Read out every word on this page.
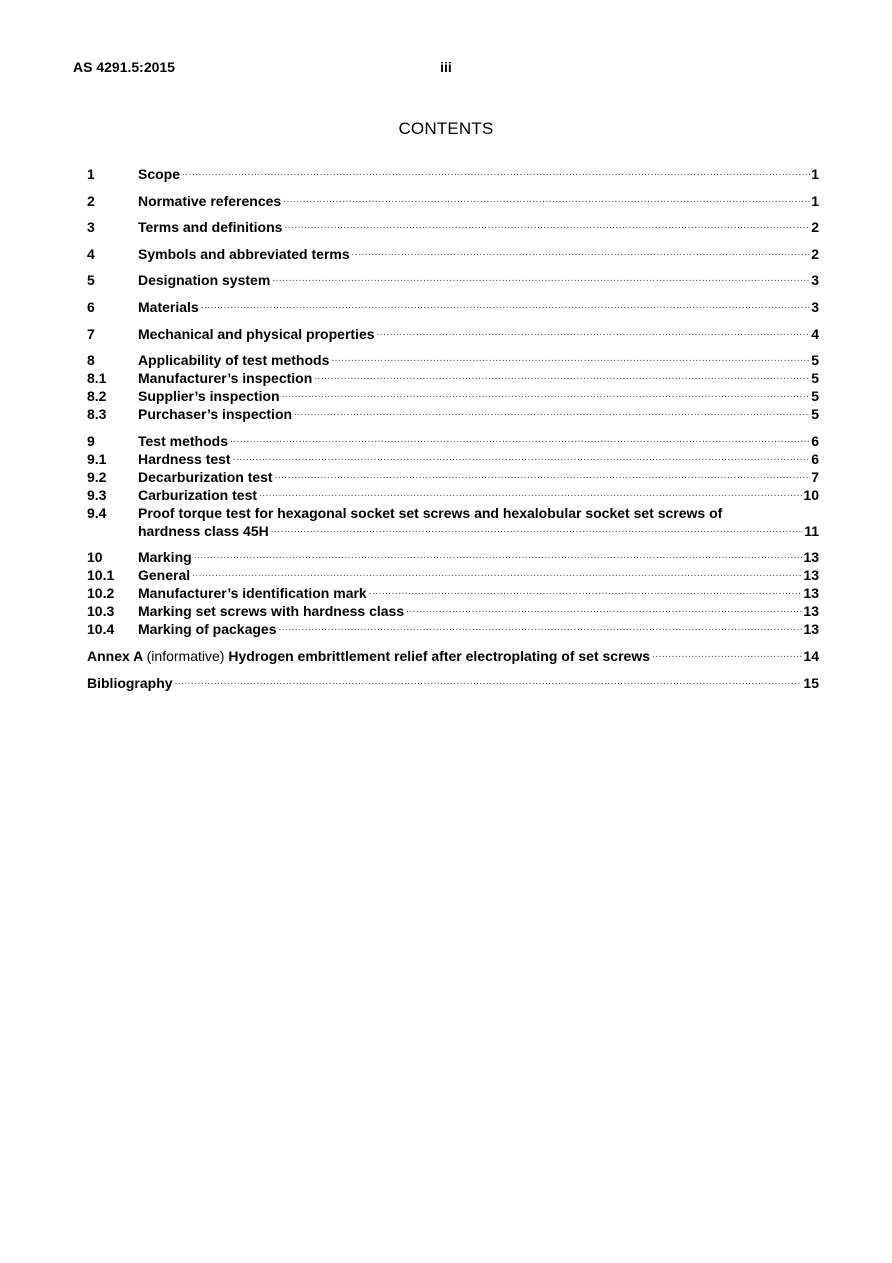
AS 4291.5:2015	iii
CONTENTS
1	Scope .....	1
2	Normative references .....	1
3	Terms and definitions .....	2
4	Symbols and abbreviated terms .....	2
5	Designation system .....	3
6	Materials .....	3
7	Mechanical and physical properties .....	4
8	Applicability of test methods .....	5
8.1	Manufacturer’s inspection .....	5
8.2	Supplier’s inspection .....	5
8.3	Purchaser’s inspection .....	5
9	Test methods .....	6
9.1	Hardness test .....	6
9.2	Decarburization test .....	7
9.3	Carburization test .....	10
9.4	Proof torque test for hexagonal socket set screws and hexalobular socket set screws of
hardness class 45H .....	11
10	Marking .....	13
10.1	General .....	13
10.2	Manufacturer’s identification mark .....	13
10.3	Marking set screws with hardness class .....	13
10.4	Marking of packages .....	13
Annex A (informative) Hydrogen embrittlement relief after electroplating of set screws .....	14
Bibliography .....	15
